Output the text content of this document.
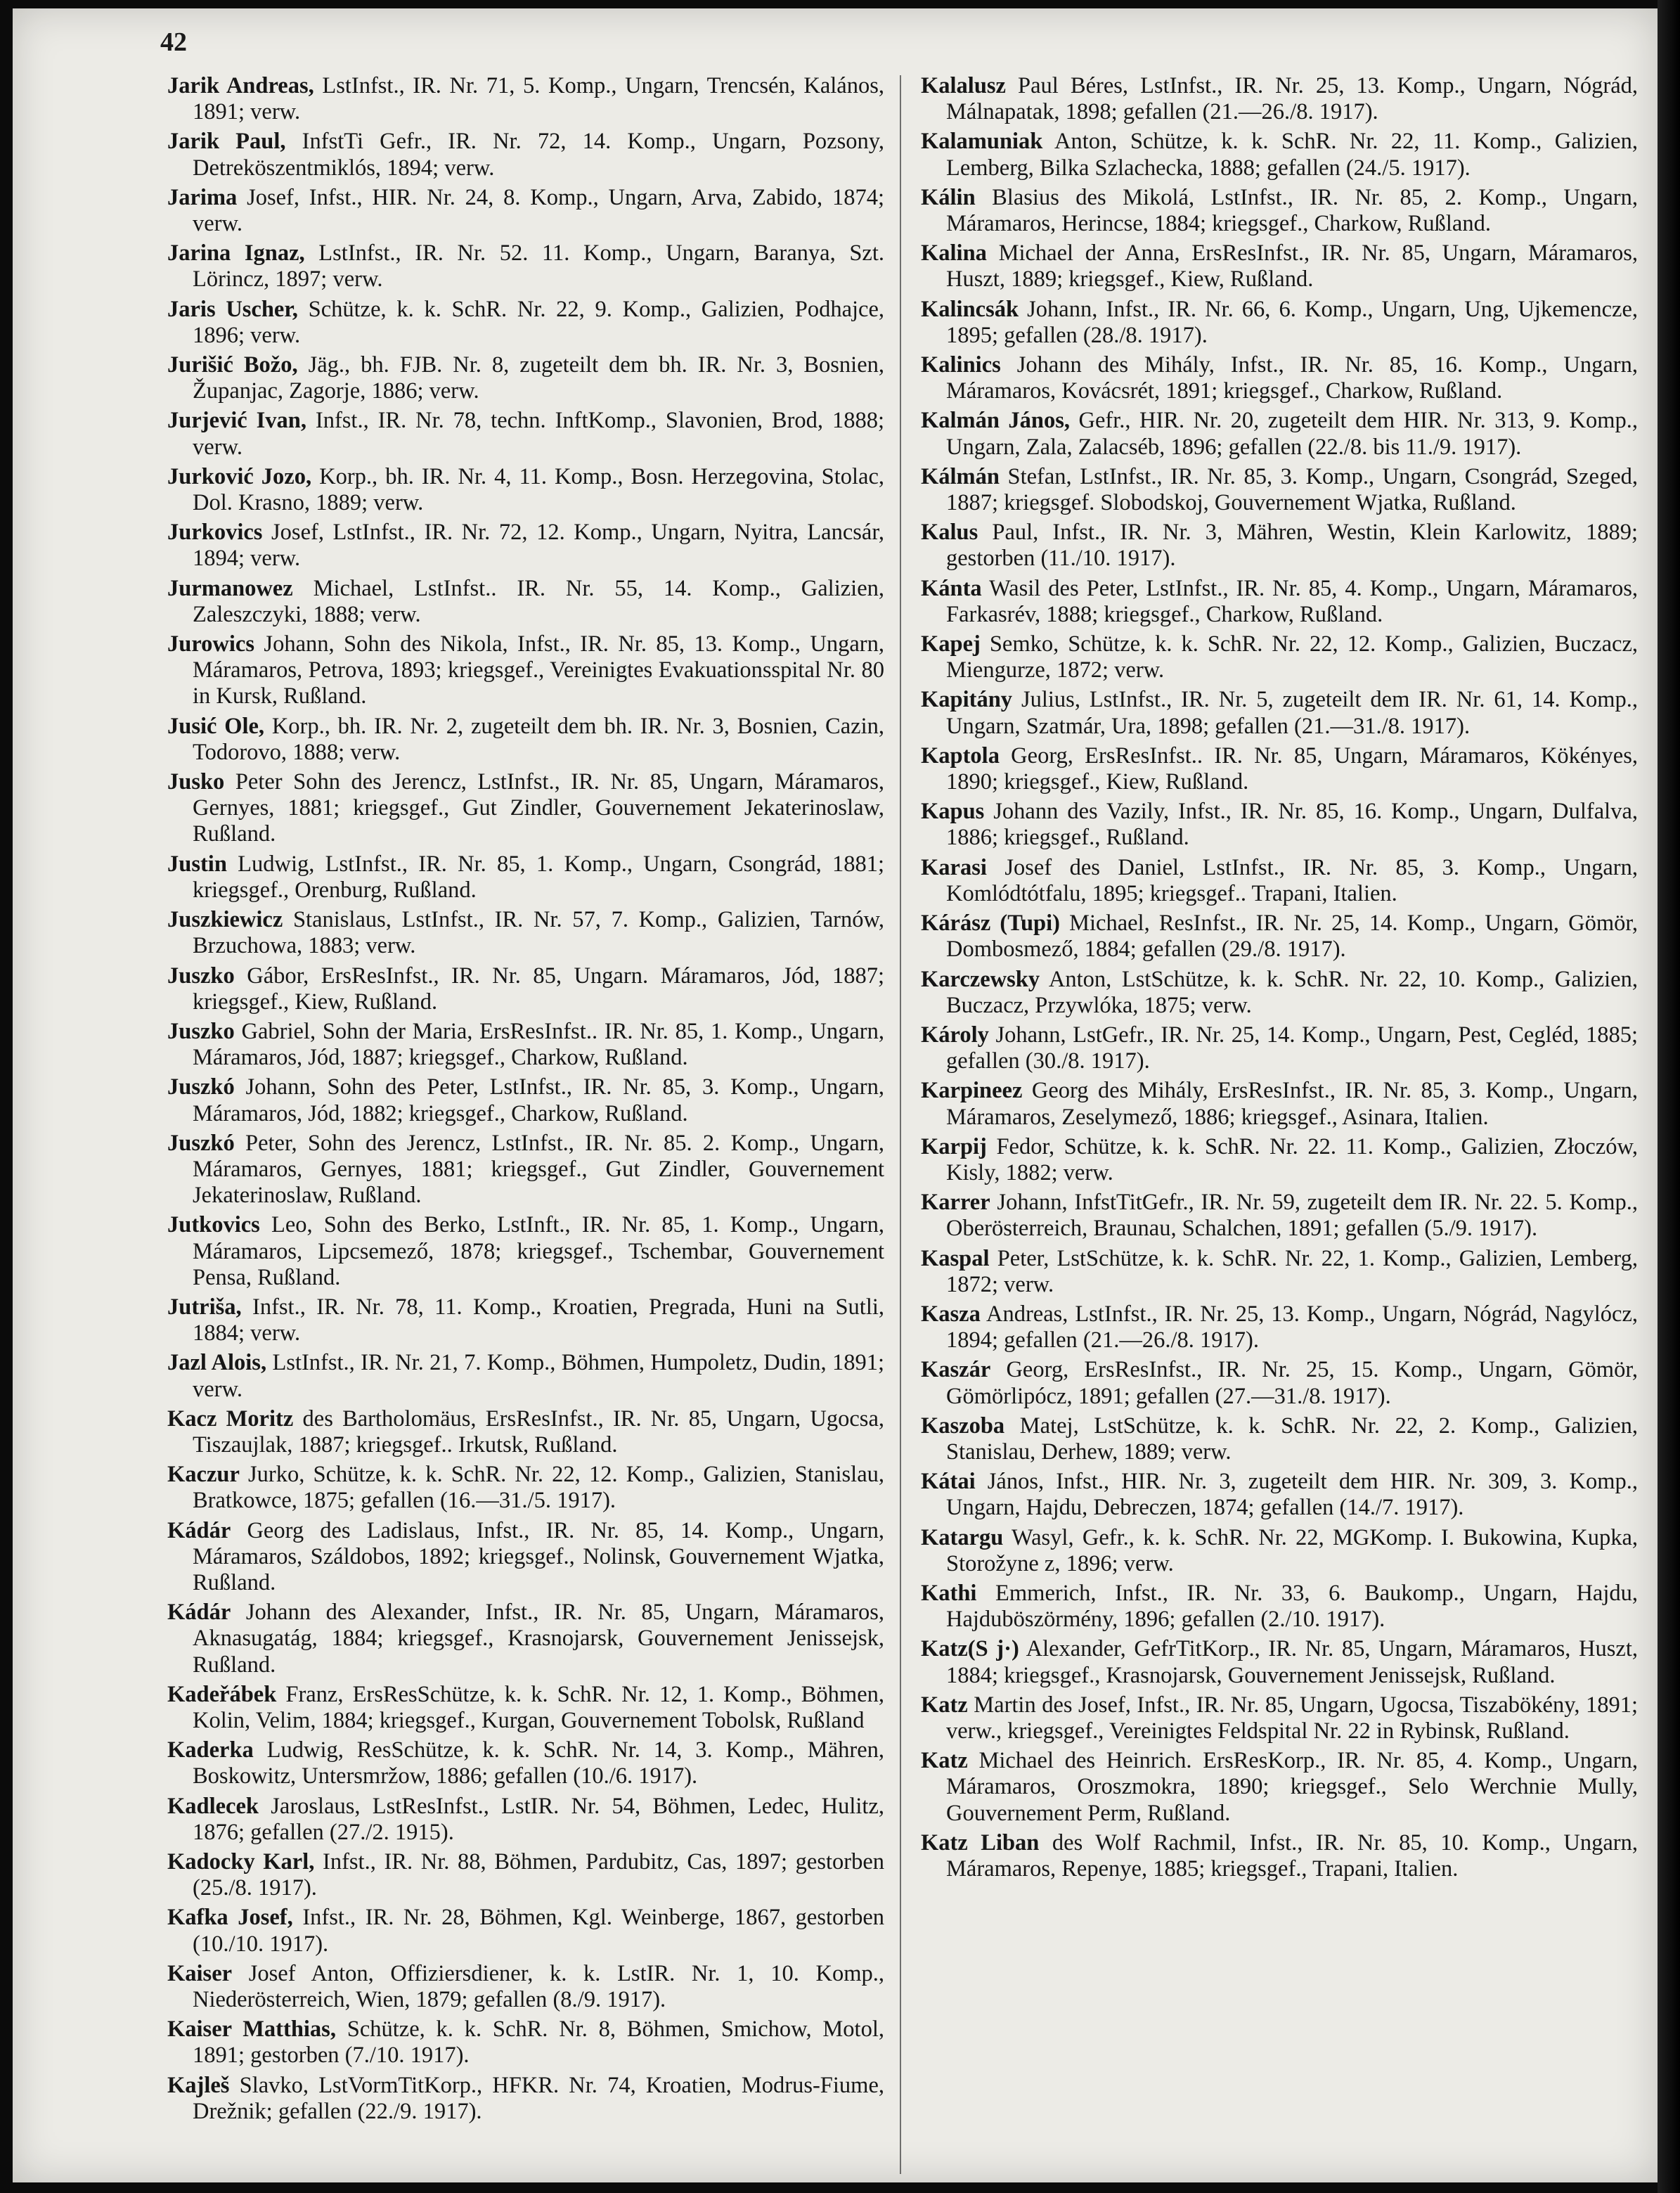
42

Jarik Andreas, LstInfst., IR. Nr. 71, 5. Komp., Ungarn, Trencsén, Kalános, 1891; verw.

Jarik Paul, InfstTi Gefr., IR. Nr. 72, 14. Komp., Ungarn, Pozsony, Detreköszentmiklós, 1894; verw.

Jarima Josef, Infst., HIR. Nr. 24, 8. Komp., Ungarn, Arva, Zabido, 1874; verw.

Jarina Ignaz, LstInfst., IR. Nr. 52. 11. Komp., Ungarn, Baranya, Szt. Lörincz, 1897; verw.

Jaris Uscher, Schütze, k. k. SchR. Nr. 22, 9. Komp., Galizien, Podhajce, 1896; verw.

Jurišić Božo, Jäg., bh. FJB. Nr. 8, zugeteilt dem bh. IR. Nr. 3, Bosnien, Županjac, Zagorje, 1886; verw.

Jurjević Ivan, Infst., IR. Nr. 78, techn. InftKomp., Slavonien, Brod, 1888; verw.

Jurković Jozo, Korp., bh. IR. Nr. 4, 11. Komp., Bosn. Herzegovina, Stolac, Dol. Krasno, 1889; verw.

Jurkovics Josef, LstInfst., IR. Nr. 72, 12. Komp., Ungarn, Nyitra, Lancsár, 1894; verw.

Jurmanowez Michael, LstInfst.. IR. Nr. 55, 14. Komp., Galizien, Zaleszczyki, 1888; verw.

Jurowics Johann, Sohn des Nikola, Infst., IR. Nr. 85, 13. Komp., Ungarn, Máramaros, Petrova, 1893; kriegsgef., Vereinigtes Evakuationsspital Nr. 80 in Kursk, Rußland.

Jusić Ole, Korp., bh. IR. Nr. 2, zugeteilt dem bh. IR. Nr. 3, Bosnien, Cazin, Todorovo, 1888; verw.

Jusko Peter Sohn des Jerencz, LstInfst., IR. Nr. 85, Ungarn, Máramaros, Gernyes, 1881; kriegsgef., Gut Zindler, Gouvernement Jekaterinoslaw, Rußland.

Justin Ludwig, LstInfst., IR. Nr. 85, 1. Komp., Ungarn, Csongrád, 1881; kriegsgef., Orenburg, Rußland.

Juszkiewicz Stanislaus, LstInfst., IR. Nr. 57, 7. Komp., Galizien, Tarnów, Brzuchowa, 1883; verw.

Juszko Gábor, ErsResInfst., IR. Nr. 85, Ungarn. Máramaros, Jód, 1887; kriegsgef., Kiew, Rußland.

Juszko Gabriel, Sohn der Maria, ErsResInfst.. IR. Nr. 85, 1. Komp., Ungarn, Máramaros, Jód, 1887; kriegsgef., Charkow, Rußland.

Juszkó Johann, Sohn des Peter, LstInfst., IR. Nr. 85, 3. Komp., Ungarn, Máramaros, Jód, 1882; kriegsgef., Charkow, Rußland.

Juszkó Peter, Sohn des Jerencz, LstInfst., IR. Nr. 85. 2. Komp., Ungarn, Máramaros, Gernyes, 1881; kriegsgef., Gut Zindler, Gouvernement Jekaterinoslaw, Rußland.

Jutkovics Leo, Sohn des Berko, LstInft., IR. Nr. 85, 1. Komp., Ungarn, Máramaros, Lipcsemező, 1878; kriegsgef., Tschembar, Gouvernement Pensa, Rußland.

Jutriša, Infst., IR. Nr. 78, 11. Komp., Kroatien, Pregrada, Huni na Sutli, 1884; verw.

Jazl Alois, LstInfst., IR. Nr. 21, 7. Komp., Böhmen, Humpoletz, Dudin, 1891; verw.

Kacz Moritz des Bartholomäus, ErsResInfst., IR. Nr. 85, Ungarn, Ugocsa, Tiszaujlak, 1887; kriegsgef.. Irkutsk, Rußland.

Kaczur Jurko, Schütze, k. k. SchR. Nr. 22, 12. Komp., Galizien, Stanislau, Bratkowce, 1875; gefallen (16.—31./5. 1917).

Kádár Georg des Ladislaus, Infst., IR. Nr. 85, 14. Komp., Ungarn, Máramaros, Száldobos, 1892; kriegsgef., Nolinsk, Gouvernement Wjatka, Rußland.

Kádár Johann des Alexander, Infst., IR. Nr. 85, Ungarn, Máramaros, Aknasugatág, 1884; kriegsgef., Krasnojarsk, Gouvernement Jenissejsk, Rußland.

Kadeřábek Franz, ErsResSchütze, k. k. SchR. Nr. 12, 1. Komp., Böhmen, Kolin, Velim, 1884; kriegsgef., Kurgan, Gouvernement Tobolsk, Rußland

Kaderka Ludwig, ResSchütze, k. k. SchR. Nr. 14, 3. Komp., Mähren, Boskowitz, Untersmržow, 1886; gefallen (10./6. 1917).

Kadlecek Jaroslaus, LstResInfst., LstIR. Nr. 54, Böhmen, Ledec, Hulitz, 1876; gefallen (27./2. 1915).

Kadocky Karl, Infst., IR. Nr. 88, Böhmen, Pardubitz, Cas, 1897; gestorben (25./8. 1917).

Kafka Josef, Infst., IR. Nr. 28, Böhmen, Kgl. Weinberge, 1867, gestorben (10./10. 1917).

Kaiser Josef Anton, Offiziersdiener, k. k. LstIR. Nr. 1, 10. Komp., Niederösterreich, Wien, 1879; gefallen (8./9. 1917).

Kaiser Matthias, Schütze, k. k. SchR. Nr. 8, Böhmen, Smichow, Motol, 1891; gestorben (7./10. 1917).

Kajleš Slavko, LstVormTitKorp., HFKR. Nr. 74, Kroatien, Modrus-Fiume, Drežnik; gefallen (22./9. 1917).

Kalalusz Paul Béres, LstInfst., IR. Nr. 25, 13. Komp., Ungarn, Nógrád, Málnapatak, 1898; gefallen (21.—26./8. 1917).

Kalamuniak Anton, Schütze, k. k. SchR. Nr. 22, 11. Komp., Galizien, Lemberg, Bilka Szlachecka, 1888; gefallen (24./5. 1917).

Kálin Blasius des Mikolá, LstInfst., IR. Nr. 85, 2. Komp., Ungarn, Máramaros, Herincse, 1884; kriegsgef., Charkow, Rußland.

Kalina Michael der Anna, ErsResInfst., IR. Nr. 85, Ungarn, Máramaros, Huszt, 1889; kriegsgef., Kiew, Rußland.

Kalincsák Johann, Infst., IR. Nr. 66, 6. Komp., Ungarn, Ung, Ujkemencze, 1895; gefallen (28./8. 1917).

Kalinics Johann des Mihály, Infst., IR. Nr. 85, 16. Komp., Ungarn, Máramaros, Kovácsrét, 1891; kriegsgef., Charkow, Rußland.

Kalmán János, Gefr., HIR. Nr. 20, zugeteilt dem HIR. Nr. 313, 9. Komp., Ungarn, Zala, Zalacséb, 1896; gefallen (22./8. bis 11./9. 1917).

Kálmán Stefan, LstInfst., IR. Nr. 85, 3. Komp., Ungarn, Csongrád, Szeged, 1887; kriegsgef. Slobodskoj, Gouvernement Wjatka, Rußland.

Kalus Paul, Infst., IR. Nr. 3, Mähren, Westin, Klein Karlowitz, 1889; gestorben (11./10. 1917).

Kánta Wasil des Peter, LstInfst., IR. Nr. 85, 4. Komp., Ungarn, Máramaros, Farkasrév, 1888; kriegsgef., Charkow, Rußland.

Kapej Semko, Schütze, k. k. SchR. Nr. 22, 12. Komp., Galizien, Buczacz, Miengurze, 1872; verw.

Kapitány Julius, LstInfst., IR. Nr. 5, zugeteilt dem IR. Nr. 61, 14. Komp., Ungarn, Szatmár, Ura, 1898; gefallen (21.—31./8. 1917).

Kaptola Georg, ErsResInfst.. IR. Nr. 85, Ungarn, Máramaros, Kökényes, 1890; kriegsgef., Kiew, Rußland.

Kapus Johann des Vazily, Infst., IR. Nr. 85, 16. Komp., Ungarn, Dulfalva, 1886; kriegsgef., Rußland.

Karasi Josef des Daniel, LstInfst., IR. Nr. 85, 3. Komp., Ungarn, Komlódtótfalu, 1895; kriegsgef.. Trapani, Italien.

Kárász (Tupi) Michael, ResInfst., IR. Nr. 25, 14. Komp., Ungarn, Gömör, Dombosmező, 1884; gefallen (29./8. 1917).

Karczewsky Anton, LstSchütze, k. k. SchR. Nr. 22, 10. Komp., Galizien, Buczacz, Przywlóka, 1875; verw.

Károly Johann, LstGefr., IR. Nr. 25, 14. Komp., Ungarn, Pest, Cegléd, 1885; gefallen (30./8. 1917).

Karpineez Georg des Mihály, ErsResInfst., IR. Nr. 85, 3. Komp., Ungarn, Máramaros, Zeselymező, 1886; kriegsgef., Asinara, Italien.

Karpij Fedor, Schütze, k. k. SchR. Nr. 22. 11. Komp., Galizien, Złoczów, Kisly, 1882; verw.

Karrer Johann, InfstTitGefr., IR. Nr. 59, zugeteilt dem IR. Nr. 22. 5. Komp., Oberösterreich, Braunau, Schalchen, 1891; gefallen (5./9. 1917).

Kaspal Peter, LstSchütze, k. k. SchR. Nr. 22, 1. Komp., Galizien, Lemberg, 1872; verw.

Kasza Andreas, LstInfst., IR. Nr. 25, 13. Komp., Ungarn, Nógrád, Nagylócz, 1894; gefallen (21.—26./8. 1917).

Kaszár Georg, ErsResInfst., IR. Nr. 25, 15. Komp., Ungarn, Gömör, Gömörlipócz, 1891; gefallen (27.—31./8. 1917).

Kaszoba Matej, LstSchütze, k. k. SchR. Nr. 22, 2. Komp., Galizien, Stanislau, Derhew, 1889; verw.

Kátai János, Infst., HIR. Nr. 3, zugeteilt dem HIR. Nr. 309, 3. Komp., Ungarn, Hajdu, Debreczen, 1874; gefallen (14./7. 1917).

Katargu Wasyl, Gefr., k. k. SchR. Nr. 22, MGKomp. I. Bukowina, Kupka, Storožyne z, 1896; verw.

Kathi Emmerich, Infst., IR. Nr. 33, 6. Baukomp., Ungarn, Hajdu, Hajduböszörmény, 1896; gefallen (2./10. 1917).

Katz(S j·) Alexander, GefrTitKorp., IR. Nr. 85, Ungarn, Máramaros, Huszt, 1884; kriegsgef., Krasnojarsk, Gouvernement Jenissejsk, Rußland.

Katz Martin des Josef, Infst., IR. Nr. 85, Ungarn, Ugocsa, Tiszabökény, 1891; verw., kriegsgef., Vereinigtes Feldspital Nr. 22 in Rybinsk, Rußland.

Katz Michael des Heinrich. ErsResKorp., IR. Nr. 85, 4. Komp., Ungarn, Máramaros, Oroszmokra, 1890; kriegsgef., Selo Werchnie Mully, Gouvernement Perm, Rußland.

Katz Liban des Wolf Rachmil, Infst., IR. Nr. 85, 10. Komp., Ungarn, Máramaros, Repenye, 1885; kriegsgef., Trapani, Italien.
